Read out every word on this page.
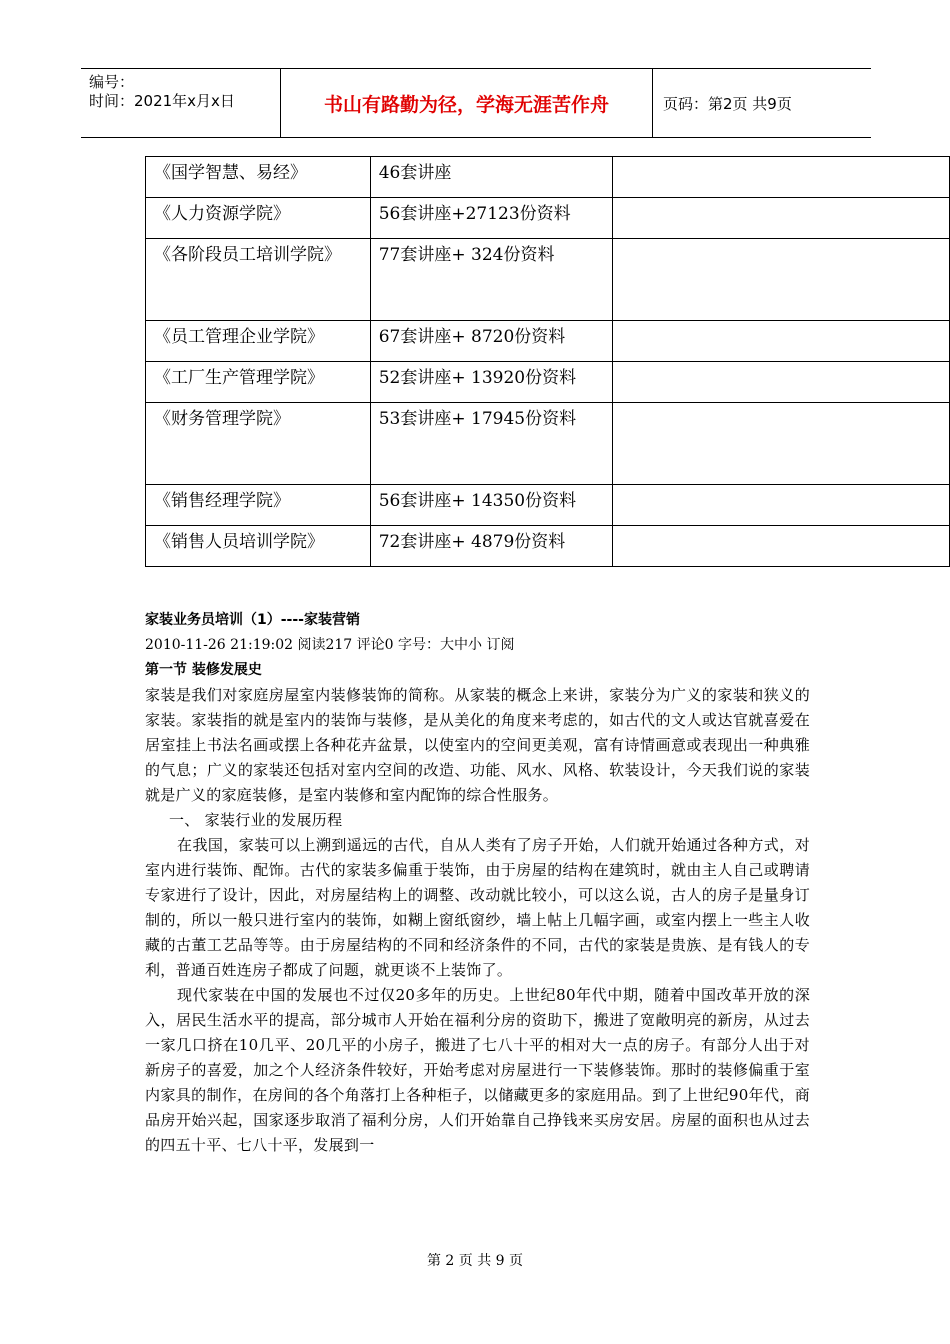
编号：
时间：2021年x月x日	书山有路勤为径，学海无涯苦作舟	页码：第2页 共9页
《国学智慧、易经》	46套讲座	

《人力资源学院》	56套讲座+27123份资料	

《各阶段员工培训学院》	77套讲座+ 324份资料	

《员工管理企业学院》	67套讲座+ 8720份资料	

《工厂生产管理学院》	52套讲座+ 13920份资料	

《财务管理学院》	53套讲座+ 17945份资料	

《销售经理学院》	56套讲座+ 14350份资料	

《销售人员培训学院》	72套讲座+ 4879份资料	

家装业务员培训（1）----家装营销
2010-11-26 21:19:02 阅读217 评论0 字号：大中小 订阅
第一节 装修发展史

家装是我们对家庭房屋室内装修装饰的简称。从家装的概念上来讲，家装分为广义的家装和狭义的家装。家装指的就是室内的装饰与装修，是从美化的角度来考虑的，如古代的文人或达官就喜爱在居室挂上书法名画或摆上各种花卉盆景，以使室内的空间更美观，富有诗情画意或表现出一种典雅的气息；广义的家装还包括对室内空间的改造、功能、风水、风格、软装设计，今天我们说的家装就是广义的家庭装修，是室内装修和室内配饰的综合性服务。

一、 家装行业的发展历程

在我国，家装可以上溯到遥远的古代，自从人类有了房子开始，人们就开始通过各种方式，对室内进行装饰、配饰。古代的家装多偏重于装饰，由于房屋的结构在建筑时，就由主人自己或聘请专家进行了设计，因此，对房屋结构上的调整、改动就比较小，可以这么说，古人的房子是量身订制的，所以一般只进行室内的装饰，如糊上窗纸窗纱，墙上帖上几幅字画，或室内摆上一些主人收藏的古董工艺品等等。由于房屋结构的不同和经济条件的不同，古代的家装是贵族、是有钱人的专利，普通百姓连房子都成了问题，就更谈不上装饰了。

现代家装在中国的发展也不过仅20多年的历史。上世纪80年代中期，随着中国改革开放的深入，居民生活水平的提高，部分城市人开始在福利分房的资助下，搬进了宽敞明亮的新房，从过去一家几口挤在10几平、20几平的小房子，搬进了七八十平的相对大一点的房子。有部分人出于对新房子的喜爱，加之个人经济条件较好，开始考虑对房屋进行一下装修装饰。那时的装修偏重于室内家具的制作，在房间的各个角落打上各种柜子，以储藏更多的家庭用品。到了上世纪90年代，商品房开始兴起，国家逐步取消了福利分房，人们开始靠自己挣钱来买房安居。房屋的面积也从过去的四五十平、七八十平，发展到一

第 2 页 共 9 页
